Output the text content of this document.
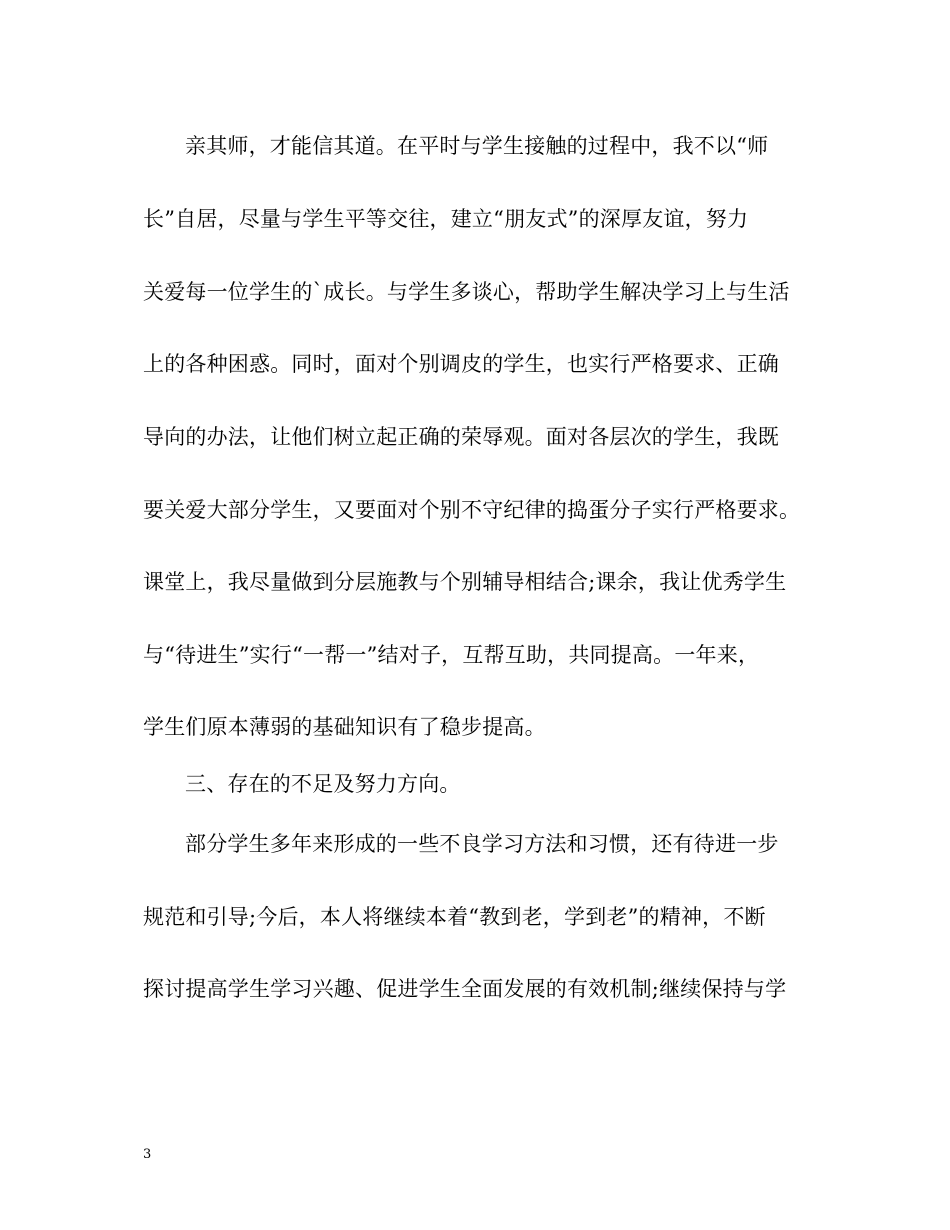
亲其师，才能信其道。在平时与学生接触的过程中，我不以“师
长”自居，尽量与学生平等交往，建立“朋友式”的深厚友谊，努力
关爱每一位学生的`成长。与学生多谈心，帮助学生解决学习上与生活
上的各种困惑。同时，面对个别调皮的学生，也实行严格要求、正确
导向的办法，让他们树立起正确的荣辱观。面对各层次的学生，我既
要关爱大部分学生，又要面对个别不守纪律的捣蛋分子实行严格要求。
课堂上，我尽量做到分层施教与个别辅导相结合;课余，我让优秀学生
与“待进生”实行“一帮一”结对子，互帮互助，共同提高。一年来，
学生们原本薄弱的基础知识有了稳步提高。
三、存在的不足及努力方向。
部分学生多年来形成的一些不良学习方法和习惯，还有待进一步
规范和引导;今后，本人将继续本着“教到老，学到老”的精神，不断
探讨提高学生学习兴趣、促进学生全面发展的有效机制;继续保持与学
3
